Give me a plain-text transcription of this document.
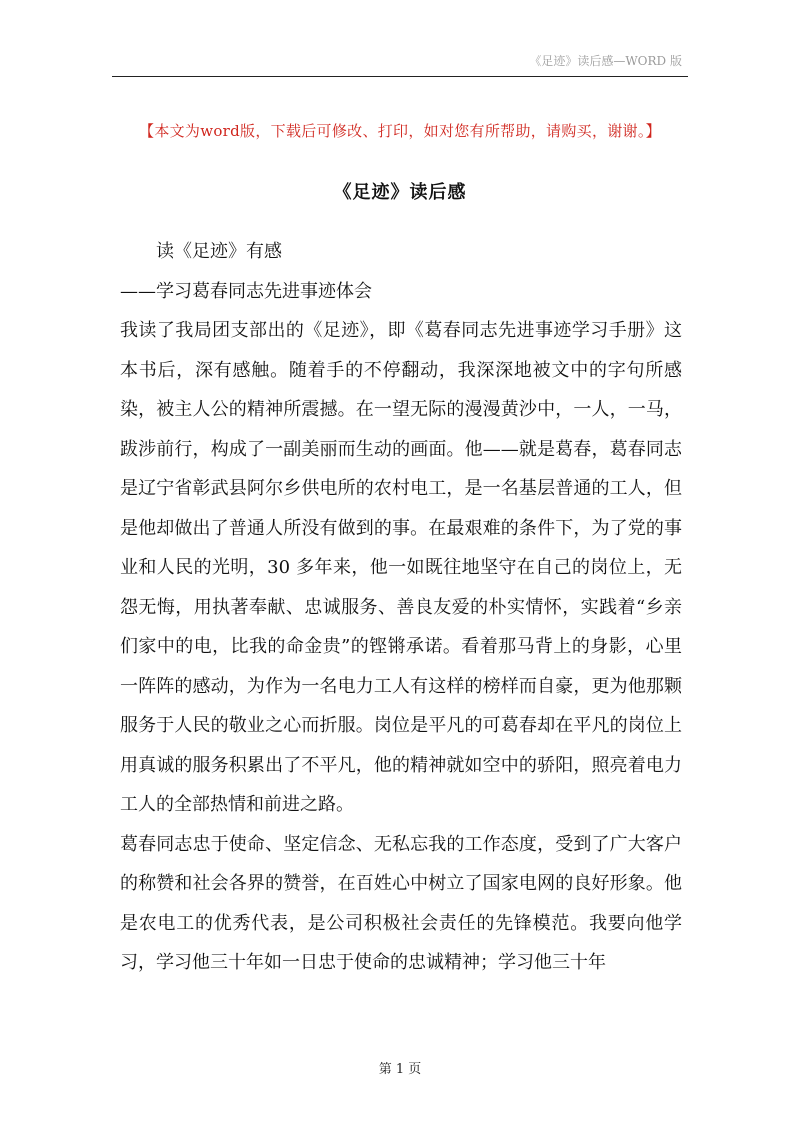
《足迹》读后感—WORD 版
【本文为word版，下载后可修改、打印，如对您有所帮助，请购买，谢谢。】
《足迹》读后感
读《足迹》有感
——学习葛春同志先进事迹体会

我读了我局团支部出的《足迹》，即《葛春同志先进事迹学习手册》这本书后，深有感触。随着手的不停翻动，我深深地被文中的字句所感染，被主人公的精神所震撼。在一望无际的漫漫黄沙中，一人，一马，跋涉前行，构成了一副美丽而生动的画面。他——就是葛春，葛春同志是辽宁省彰武县阿尔乡供电所的农村电工，是一名基层普通的工人，但是他却做出了普通人所没有做到的事。在最艰难的条件下，为了党的事业和人民的光明，30 多年来，他一如既往地坚守在自己的岗位上，无怨无悔，用执著奉献、忠诚服务、善良友爱的朴实情怀，实践着“乡亲们家中的电，比我的命金贵”的铿锵承诺。看着那马背上的身影，心里一阵阵的感动，为作为一名电力工人有这样的榜样而自豪，更为他那颗服务于人民的敬业之心而折服。岗位是平凡的可葛春却在平凡的岗位上用真诚的服务积累出了不平凡，他的精神就如空中的骄阳，照亮着电力工人的全部热情和前进之路。

葛春同志忠于使命、坚定信念、无私忘我的工作态度，受到了广大客户的称赞和社会各界的赞誉，在百姓心中树立了国家电网的良好形象。他是农电工的优秀代表，是公司积极社会责任的先锋模范。我要向他学习，学习他三十年如一日忠于使命的忠诚精神；学习他三十年

第 1 页
